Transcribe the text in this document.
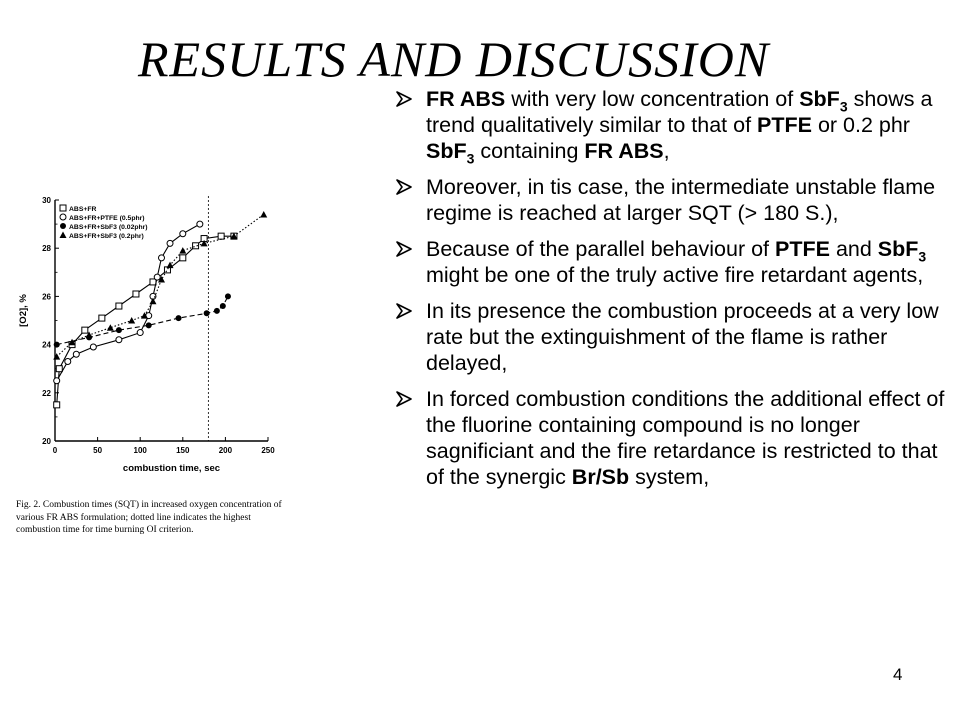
RESULTS AND DISCUSSION
20
22
24
26
28
30
0	50	100	150	200	250
combustion time, sec
[O2], %
ABS+FR
ABS+FR+PTFE (0.5phr)
ABS+FR+SbF3 (0.02phr)
ABS+FR+SbF3 (0.2phr)
Fig. 2. Combustion times (SQT) in increased oxygen concentration of various FR ABS formulation; dotted line indicates the highest combustion time for time burning OI criterion.
FR ABS with very low concentration of SbF$_3$ shows a trend qualitatively similar to that of PTFE or 0.2 phr SbF$_3$ containing FR ABS,
Moreover, in tis case, the intermediate unstable flame regime is reached at larger SQT (> 180 S.),
Because of the parallel behaviour of PTFE and SbF$_3$ might be one of the truly active fire retardant agents,
In its presence the combustion proceeds at a very low rate but the extinguishment of the flame is rather delayed,
In forced combustion conditions the additional effect of the fluorine containing compound is no longer sagnificiant and the fire retardance is restricted to that of the synergic Br/Sb system,
4
